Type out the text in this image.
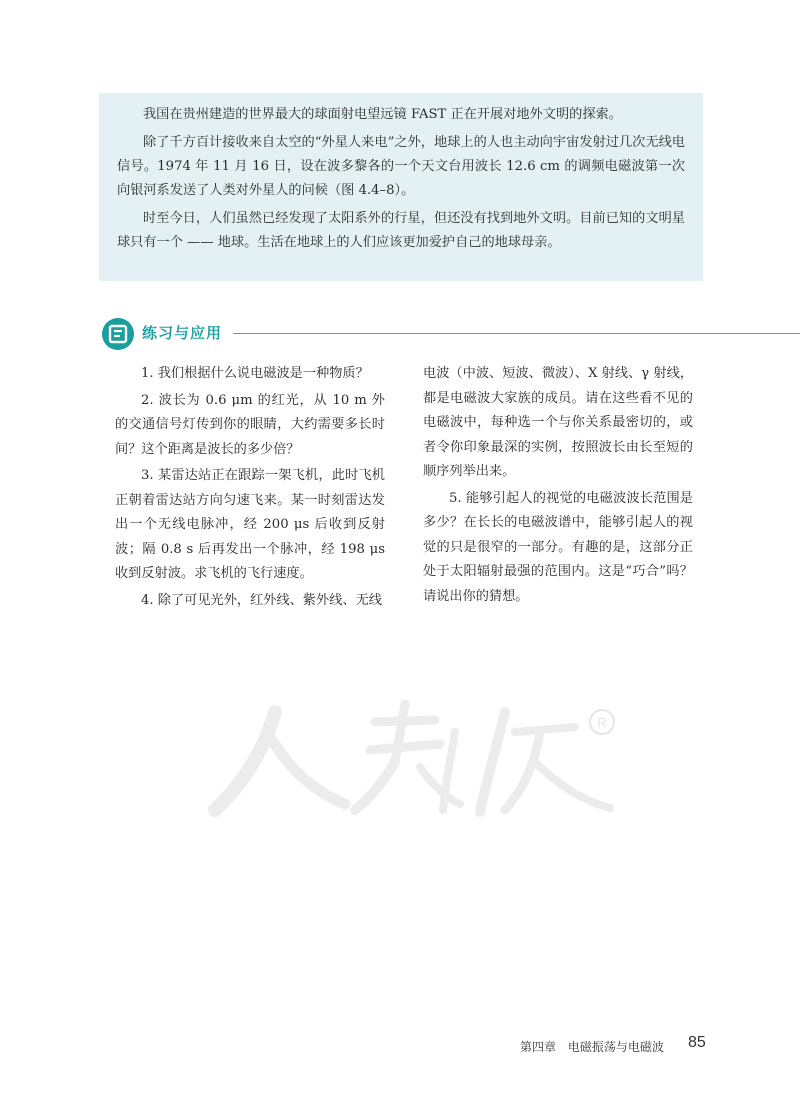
我国在贵州建造的世界最大的球面射电望远镜 FAST 正在开展对地外文明的探索。

除了千方百计接收来自太空的“外星人来电”之外，地球上的人也主动向宇宙发射过几次无线电信号。1974 年 11 月 16 日，设在波多黎各的一个天文台用波长 12.6 cm 的调频电磁波第一次向银河系发送了人类对外星人的问候（图 4.4–8）。

时至今日，人们虽然已经发现了太阳系外的行星，但还没有找到地外文明。目前已知的文明星球只有一个 —— 地球。生活在地球上的人们应该更加爱护自己的地球母亲。

练习与应用

1. 我们根据什么说电磁波是一种物质？

2. 波长为 0.6 μm 的红光，从 10 m 外的交通信号灯传到你的眼睛，大约需要多长时间？这个距离是波长的多少倍？

3. 某雷达站正在跟踪一架飞机，此时飞机正朝着雷达站方向匀速飞来。某一时刻雷达发出一个无线电脉冲，经 200 μs 后收到反射波；隔 0.8 s 后再发出一个脉冲，经 198 μs 收到反射波。求飞机的飞行速度。

4. 除了可见光外，红外线、紫外线、无线

电波（中波、短波、微波）、X 射线、γ 射线，都是电磁波大家族的成员。请在这些看不见的电磁波中，每种选一个与你关系最密切的，或者令你印象最深的实例，按照波长由长至短的顺序列举出来。

5. 能够引起人的视觉的电磁波波长范围是多少？在长长的电磁波谱中，能够引起人的视觉的只是很窄的一部分。有趣的是，这部分正处于太阳辐射最强的范围内。这是“巧合”吗？请说出你的猜想。

R
第四章 电磁振荡与电磁波 85
